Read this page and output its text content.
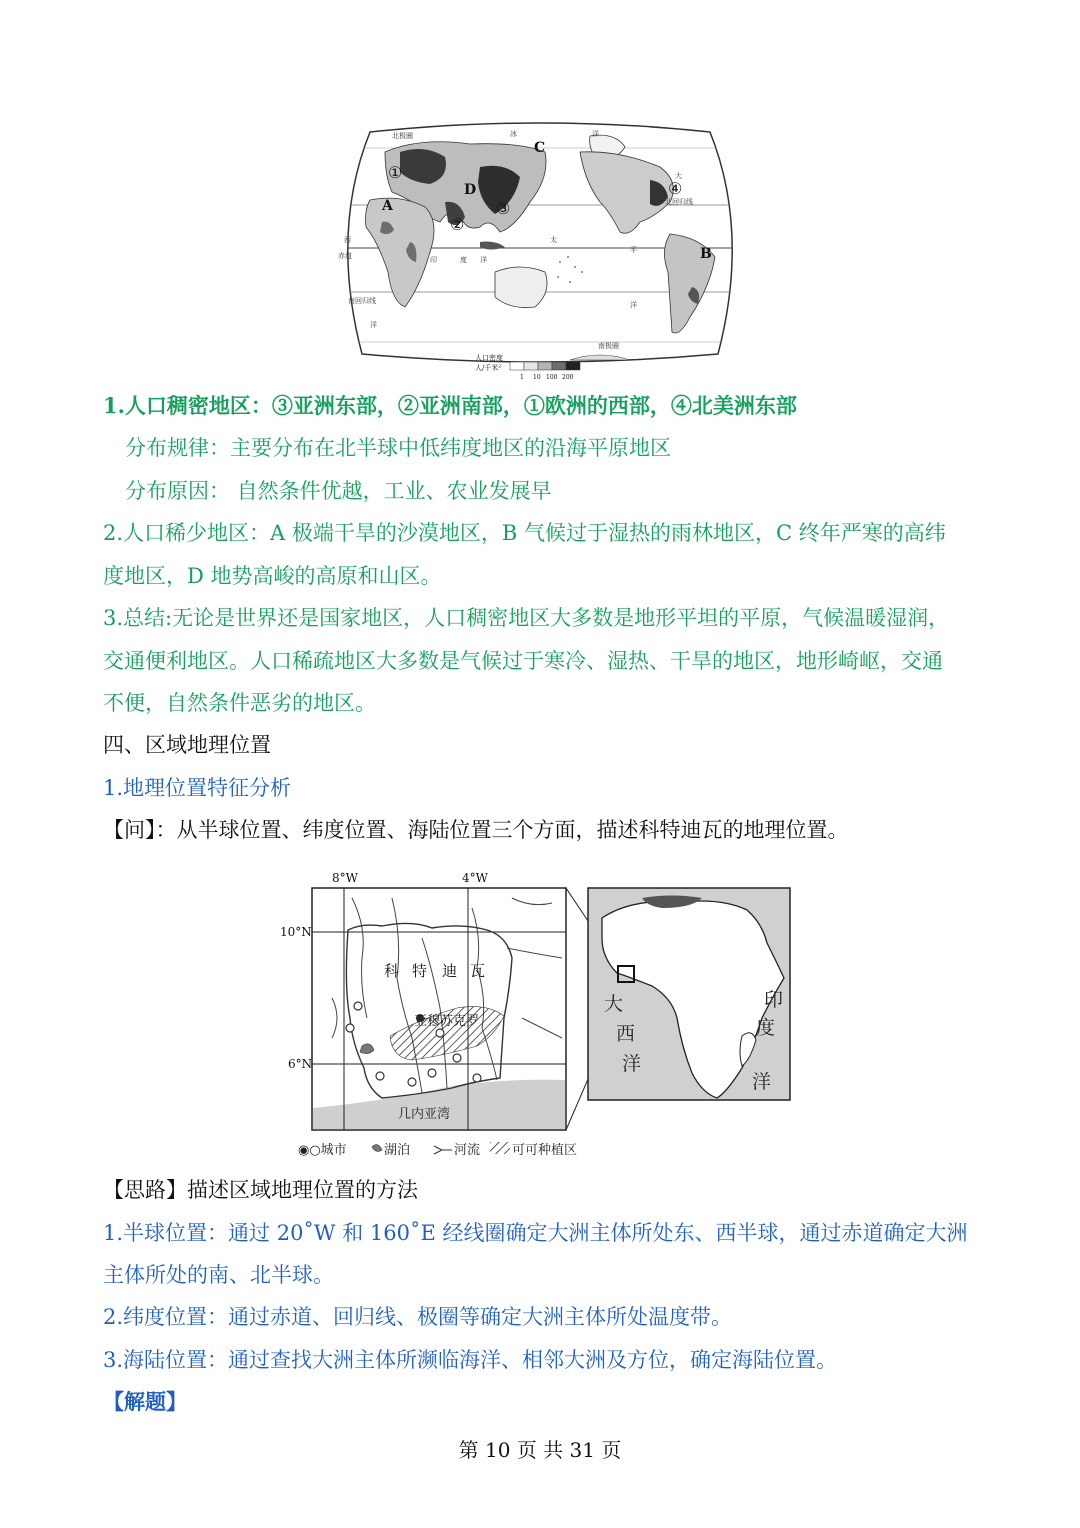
北极圈	冰	洋
大
北回归线
赤道
南回归线
南极圈
西
印	度 洋
太
平
洋
洋
A
B
C
D
①
②
③
④
人口密度
人/千米²
1 10 100 200
1.人口稠密地区：③亚洲东部，②亚洲南部，①欧洲的西部，④北美洲东部
分布规律：主要分布在北半球中低纬度地区的沿海平原地区
分布原因： 自然条件优越，工业、农业发展早
2.人口稀少地区：A 极端干旱的沙漠地区，B 气候过于湿热的雨林地区，C 终年严寒的高纬
度地区，D 地势高峻的高原和山区。
3.总结:无论是世界还是国家地区，人口稠密地区大多数是地形平坦的平原，气候温暖湿润，
交通便利地区。人口稀疏地区大多数是气候过于寒冷、湿热、干旱的地区，地形崎岖，交通
不便，自然条件恶劣的地区。
四、区域地理位置
1.地理位置特征分析
【问】：从半球位置、纬度位置、海陆位置三个方面，描述科特迪瓦的地理位置。
8°W	4°W
10°N
6°N
几内亚湾
科 特 迪 瓦
亚穆苏克罗
大
西
洋
印
度
洋
◉○城市	湖泊	河流 可可种植区
【思路】描述区域地理位置的方法
1.半球位置：通过 20˚W 和 160˚E 经线圈确定大洲主体所处东、西半球，通过赤道确定大洲
主体所处的南、北半球。
2.纬度位置：通过赤道、回归线、极圈等确定大洲主体所处温度带。
3.海陆位置：通过查找大洲主体所濒临海洋、相邻大洲及方位，确定海陆位置。
【解题】
第 10 页 共 31 页
